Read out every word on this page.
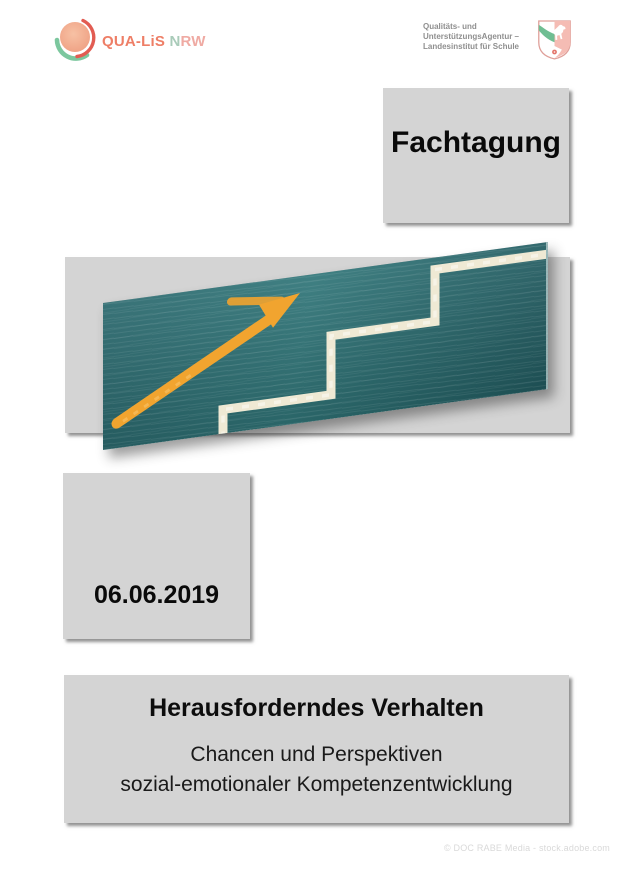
QUA-LiS NRW
Qualitäts- und
UnterstützungsAgentur –
Landesinstitut für Schule
Fachtagung
06.06.2019
Herausforderndes Verhalten

Chancen und Perspektiven
sozial-emotionaler Kompetenzentwicklung

© DOC RABE Media - stock.adobe.com
